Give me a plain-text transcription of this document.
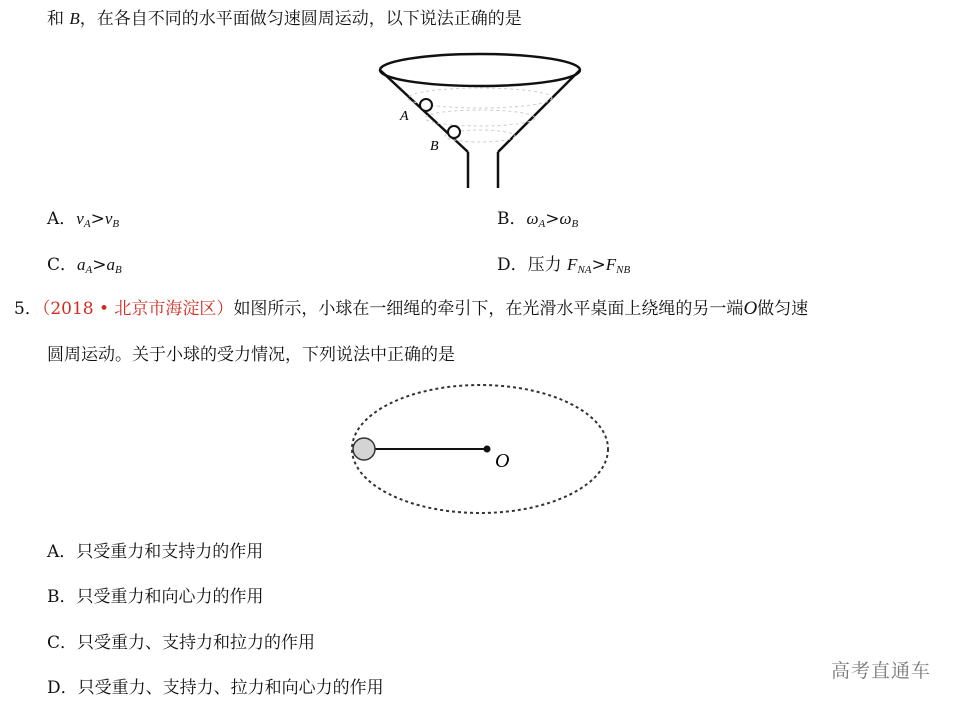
和 B，在各自不同的水平面做匀速圆周运动，以下说法正确的是
A
B
A．$v_A>v_B$	B．$\omega_A>\omega_B$
C．$a_A>a_B$	D．压力 $F_{NA}>F_{NB}$
5．（2018 • 北京市海淀区）如图所示，小球在一细绳的牵引下，在光滑水平桌面上绕绳的另一端O做匀速
圆周运动。关于小球的受力情况，下列说法中正确的是
O
A．只受重力和支持力的作用
B．只受重力和向心力的作用
C．只受重力、支持力和拉力的作用
D．只受重力、支持力、拉力和向心力的作用
高考直通车
